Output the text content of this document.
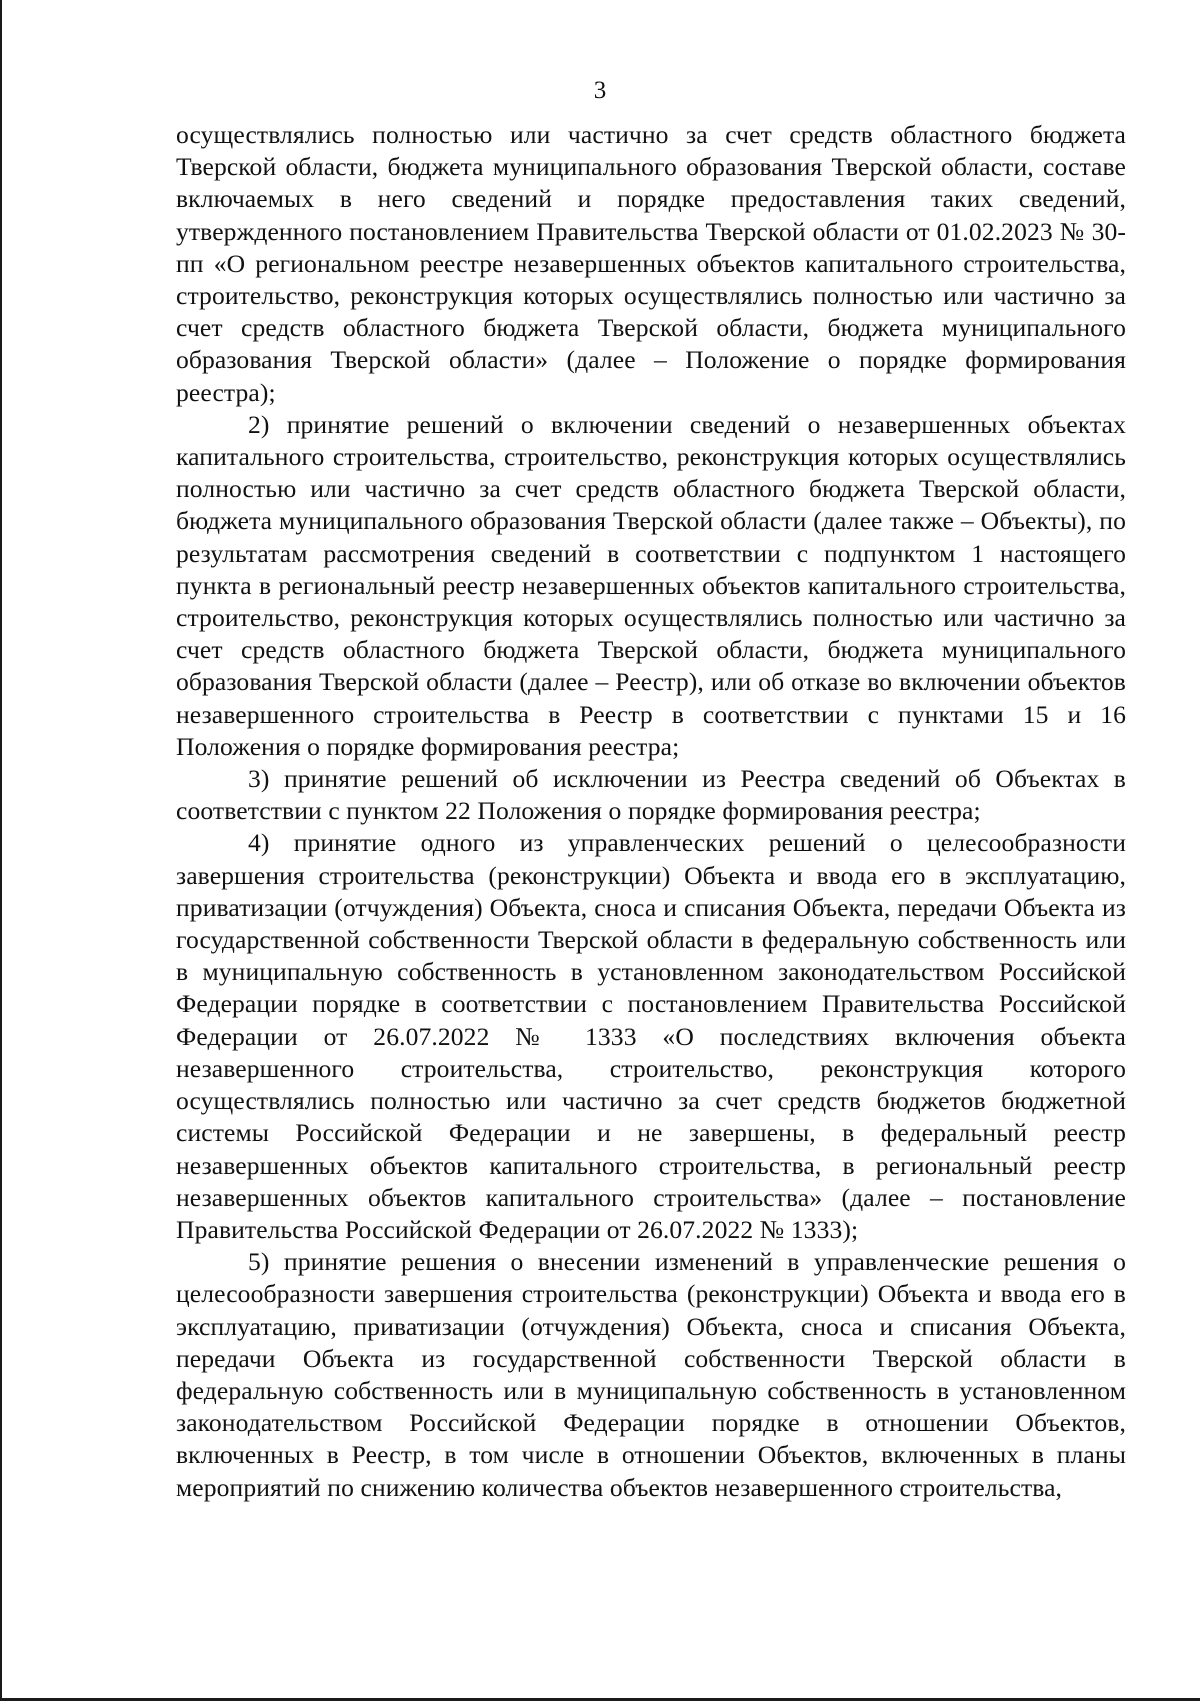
3

осуществлялись полностью или частично за счет средств областного бюджета Тверской области, бюджета муниципального образования Тверской области, составе включаемых в него сведений и порядке предоставления таких сведений, утвержденного постановлением Правительства Тверской области от 01.02.2023 № 30-пп «О региональном реестре незавершенных объектов капитального строительства, строительство, реконструкция которых осуществлялись полностью или частично за счет средств областного бюджета Тверской области, бюджета муниципального образования Тверской области» (далее – Положение о порядке формирования реестра);

2) принятие решений о включении сведений о незавершенных объектах капитального строительства, строительство, реконструкция которых осуществлялись полностью или частично за счет средств областного бюджета Тверской области, бюджета муниципального образования Тверской области (далее также – Объекты), по результатам рассмотрения сведений в соответствии с подпунктом 1 настоящего пункта в региональный реестр незавершенных объектов капитального строительства, строительство, реконструкция которых осуществлялись полностью или частично за счет средств областного бюджета Тверской области, бюджета муниципального образования Тверской области (далее – Реестр), или об отказе во включении объектов незавершенного строительства в Реестр в соответствии с пунктами 15 и 16 Положения о порядке формирования реестра;

3) принятие решений об исключении из Реестра сведений об Объектах в соответствии с пунктом 22 Положения о порядке формирования реестра;

4) принятие одного из управленческих решений о целесообразности завершения строительства (реконструкции) Объекта и ввода его в эксплуатацию, приватизации (отчуждения) Объекта, сноса и списания Объекта, передачи Объекта из государственной собственности Тверской области в федеральную собственность или в муниципальную собственность в установленном законодательством Российской Федерации порядке в соответствии с постановлением Правительства Российской Федерации от 26.07.2022 № 1333 «О последствиях включения объекта незавершенного строительства, строительство, реконструкция которого осуществлялись полностью или частично за счет средств бюджетов бюджетной системы Российской Федерации и не завершены, в федеральный реестр незавершенных объектов капитального строительства, в региональный реестр незавершенных объектов капитального строительства» (далее – постановление Правительства Российской Федерации от 26.07.2022 № 1333);

5) принятие решения о внесении изменений в управленческие решения о целесообразности завершения строительства (реконструкции) Объекта и ввода его в эксплуатацию, приватизации (отчуждения) Объекта, сноса и списания Объекта, передачи Объекта из государственной собственности Тверской области в федеральную собственность или в муниципальную собственность в установленном законодательством Российской Федерации порядке в отношении Объектов, включенных в Реестр, в том числе в отношении Объектов, включенных в планы мероприятий по снижению количества объектов незавершенного строительства,
